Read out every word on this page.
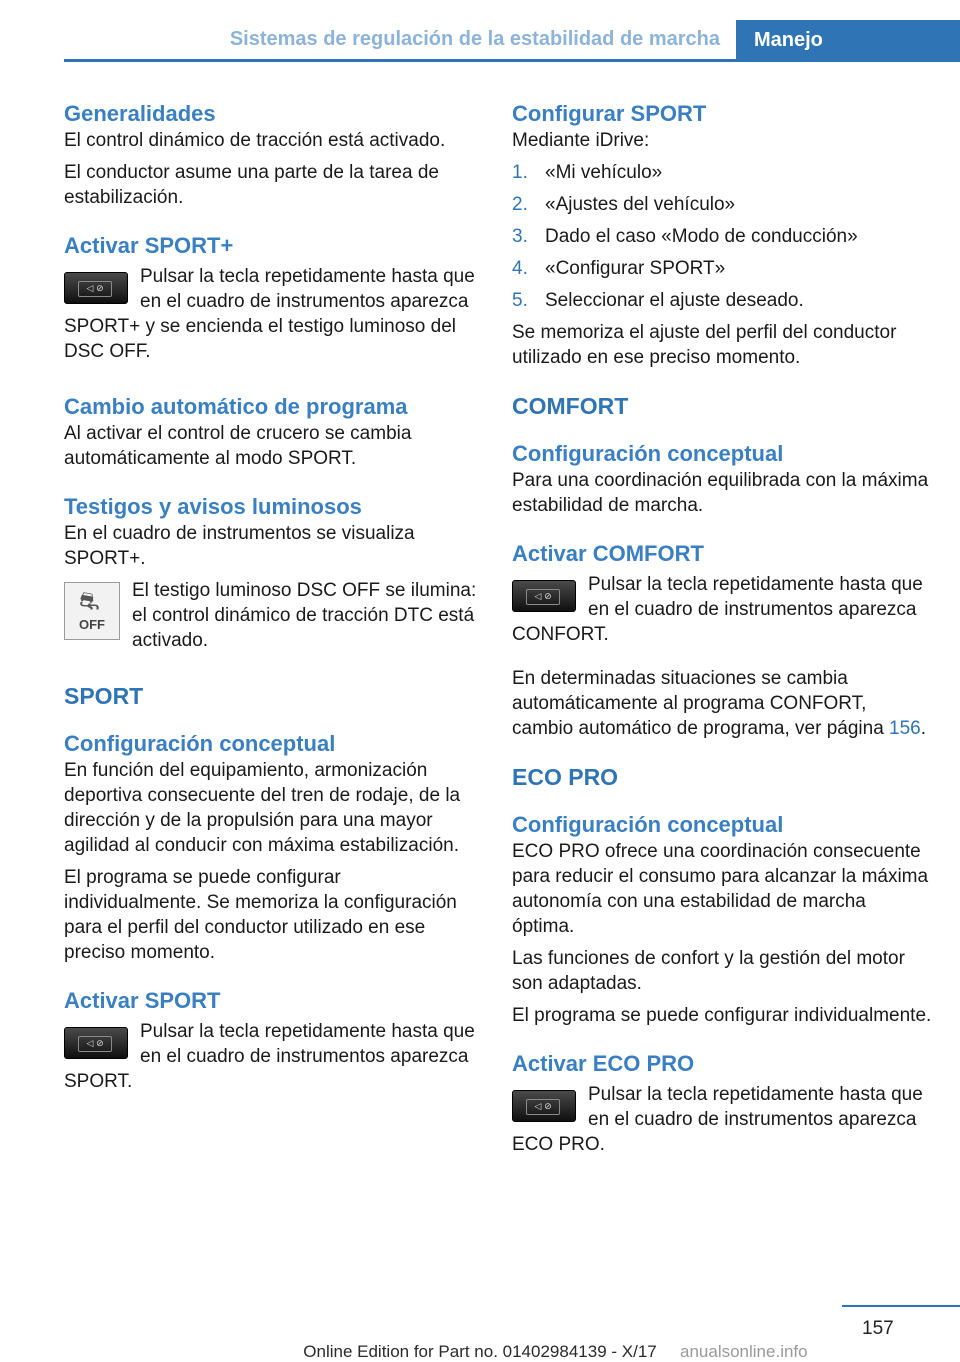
Sistemas de regulación de la estabilidad de marcha	Manejo
Generalidades

El control dinámico de tracción está activado.

El conductor asume una parte de la tarea de estabilización.

Activar SPORT+
◁ ⊘

Pulsar la tecla repetidamente hasta que en el cuadro de instrumentos aparezca SPORT+ y se encienda el testigo luminoso del DSC OFF.

Cambio automático de programa

Al activar el control de crucero se cambia automáticamente al modo SPORT.

Testigos y avisos luminosos

En el cuadro de instrumentos se visualiza SPORT+.

⛐
OFF

El testigo luminoso DSC OFF se ilumina: el control dinámico de tracción DTC está activado.

SPORT
Configuración conceptual

En función del equipamiento, armonización deportiva consecuente del tren de rodaje, de la dirección y de la propulsión para una mayor agilidad al conducir con máxima estabilización.

El programa se puede configurar individualmente. Se memoriza la configuración para el perfil del conductor utilizado en ese preciso momento.

Activar SPORT
◁ ⊘

Pulsar la tecla repetidamente hasta que en el cuadro de instrumentos aparezca SPORT.

Configurar SPORT

Mediante iDrive:

1. «Mi vehículo»
2. «Ajustes del vehículo»
3. Dado el caso «Modo de conducción»
4. «Configurar SPORT»
5. Seleccionar el ajuste deseado.

Se memoriza el ajuste del perfil del conductor utilizado en ese preciso momento.

COMFORT
Configuración conceptual

Para una coordinación equilibrada con la máxima estabilidad de marcha.

Activar COMFORT
◁ ⊘

Pulsar la tecla repetidamente hasta que en el cuadro de instrumentos aparezca CONFORT.

En determinadas situaciones se cambia automáticamente al programa CONFORT, cambio automático de programa, ver página 156.

ECO PRO
Configuración conceptual

ECO PRO ofrece una coordinación consecuente para reducir el consumo para alcanzar la máxima autonomía con una estabilidad de marcha óptima.

Las funciones de confort y la gestión del motor son adaptadas.

El programa se puede configurar individualmente.

Activar ECO PRO
◁ ⊘

Pulsar la tecla repetidamente hasta que en el cuadro de instrumentos aparezca ECO PRO.

157
Online Edition for Part no. 01402984139 - X/17	anualsonline.info
